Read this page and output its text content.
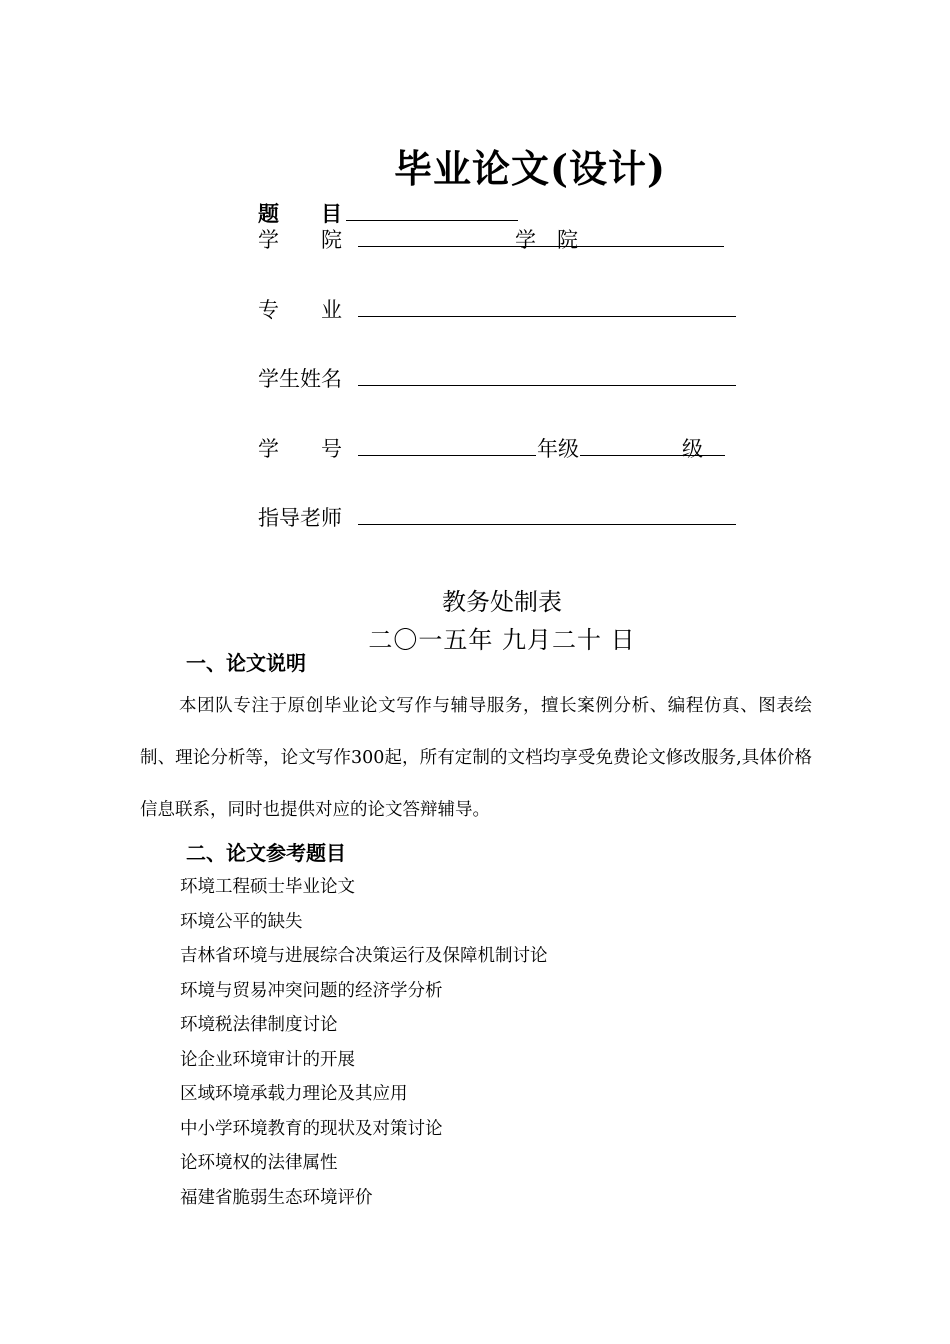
毕业论文(设计)
题　　目
学　　院	学　院
专　　业
学生姓名
学　　号	年级	级
指导老师
教务处制表
二〇一五年 九月二十 日
一、论文说明

本团队专注于原创毕业论文写作与辅导服务，擅长案例分析、编程仿真、图表绘制、理论分析等，论文写作300起，所有定制的文档均享受免费论文修改服务,具体价格信息联系，同时也提供对应的论文答辩辅导。

二、论文参考题目
环境工程硕士毕业论文
环境公平的缺失
吉林省环境与进展综合决策运行及保障机制讨论
环境与贸易冲突问题的经济学分析
环境税法律制度讨论
论企业环境审计的开展
区域环境承载力理论及其应用
中小学环境教育的现状及对策讨论
论环境权的法律属性
福建省脆弱生态环境评价
